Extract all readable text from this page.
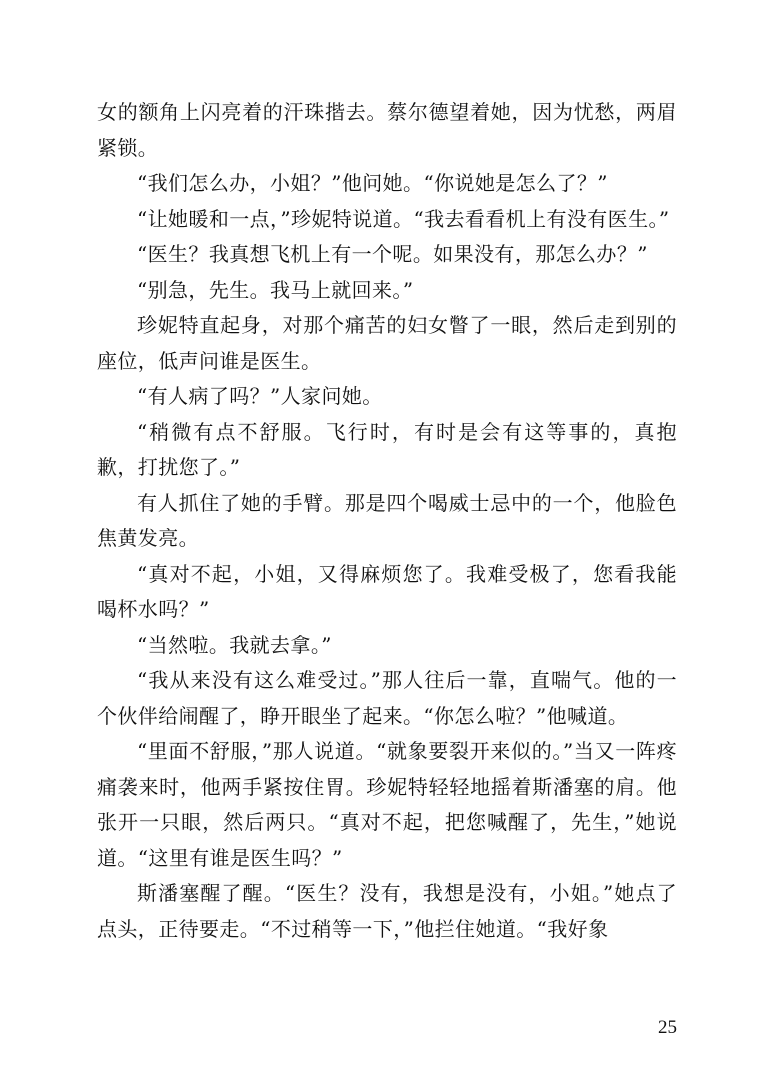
女的额角上闪亮着的汗珠揩去。蔡尔德望着她，因为忧愁，两眉紧锁。

“我们怎么办，小姐？”他问她。“你说她是怎么了？”

“让她暖和一点，”珍妮特说道。“我去看看机上有没有医生。”

“医生？我真想飞机上有一个呢。如果没有，那怎么办？”

“别急，先生。我马上就回来。”

珍妮特直起身，对那个痛苦的妇女瞥了一眼，然后走到别的座位，低声问谁是医生。

“有人病了吗？”人家问她。

“稍微有点不舒服。飞行时，有时是会有这等事的，真抱歉，打扰您了。”

有人抓住了她的手臂。那是四个喝威士忌中的一个，他脸色焦黄发亮。

“真对不起，小姐，又得麻烦您了。我难受极了，您看我能喝杯水吗？”

“当然啦。我就去拿。”

“我从来没有这么难受过。”那人往后一靠，直喘气。他的一个伙伴给闹醒了，睁开眼坐了起来。“你怎么啦？”他喊道。

“里面不舒服，”那人说道。“就象要裂开来似的。”当又一阵疼痛袭来时，他两手紧按住胃。珍妮特轻轻地摇着斯潘塞的肩。他张开一只眼，然后两只。“真对不起，把您喊醒了，先生，”她说道。“这里有谁是医生吗？”

斯潘塞醒了醒。“医生？没有，我想是没有，小姐。”她点了点头，正待要走。“不过稍等一下，”他拦住她道。“我好象

25
